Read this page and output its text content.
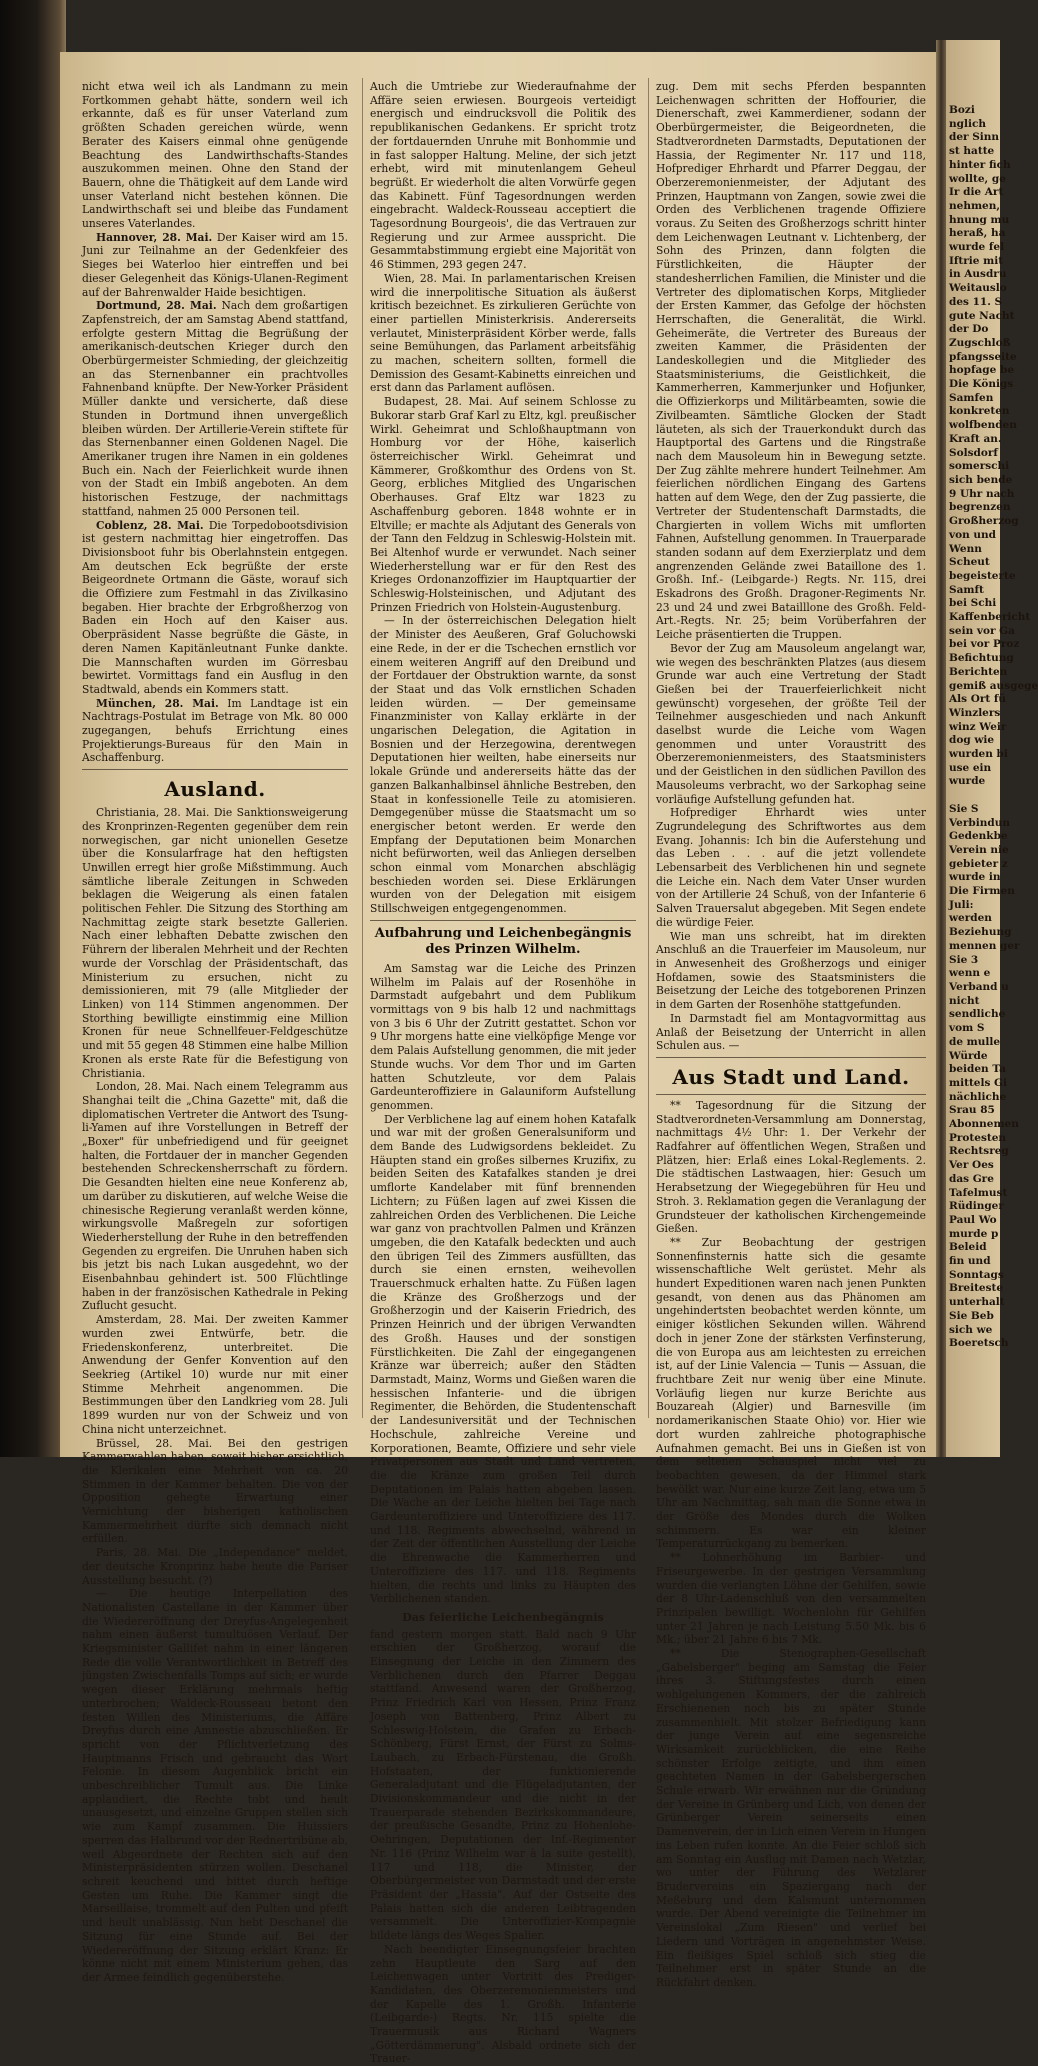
Bozi
nglich
der Sinn
st hatte
hinter fich
wollte, ge
Ir die Art
nehmen,
hnung mu
heraß, ha
wurde fel
Iftrie mit
in Ausdru
Weitauslo
des 11. S
gute Nacht
der Do
Zugschloß
pfangsseite
hopfage be
Die Königs
Samfen
konkreten
wolfbenden
Kraft an.
Solsdorf
somerschi
sich bende
9 Uhr nach
begrenzen
Großherzog
von und
Wenn
Scheut
begeisterte
Samft
bei Schi
Kaffenbericht
sein vor Ga
bei vor Proz
Befichtung
Berichten
gemiß ausgege
Als Ort fü
Winzlers
winz Weir
dog wie
wurden bi
use ein
wurde

Sie S
Verbindun
Gedenkbe
Verein nie
gebieter z
wurde in
Die Firmen
Juli:
werden
Beziehung
mennen ger
Sie 3
wenn e
Verband u
nicht
sendliche
vom S
de mulle
Würde
beiden Ta
mittels Gi
nächliche
Srau 85
Abonnemen
Protesten
Rechtsreg
Ver Oes
das Gre
Tafelmust
Rüdinger
Paul Wo
murde p
Beleid
fin und
Sonntags
Breiteste
unterhalt
Sie Beb
sich we
Boeretsch

nicht etwa weil ich als Landmann zu mein Fortkommen gehabt hätte, sondern weil ich erkannte, daß es für unser Vaterland zum größten Schaden gereichen würde, wenn Berater des Kaisers einmal ohne genügende Beachtung des Landwirthschafts-Standes auszukommen meinen. Ohne den Stand der Bauern, ohne die Thätigkeit auf dem Lande wird unser Vaterland nicht bestehen können. Die Landwirthschaft sei und bleibe das Fundament unseres Vaterlandes.

Hannover, 28. Mai. Der Kaiser wird am 15. Juni zur Teilnahme an der Gedenkfeier des Sieges bei Waterloo hier eintreffen und bei dieser Gelegenheit das Königs-Ulanen-Regiment auf der Bahrenwalder Haide besichtigen.

Dortmund, 28. Mai. Nach dem großartigen Zapfenstreich, der am Samstag Abend stattfand, erfolgte gestern Mittag die Begrüßung der amerikanisch-deutschen Krieger durch den Oberbürgermeister Schmieding, der gleichzeitig an das Sternenbanner ein prachtvolles Fahnenband knüpfte. Der New-Yorker Präsident Müller dankte und versicherte, daß diese Stunden in Dortmund ihnen unvergeßlich bleiben würden. Der Artillerie-Verein stiftete für das Sternenbanner einen Goldenen Nagel. Die Amerikaner trugen ihre Namen in ein goldenes Buch ein. Nach der Feierlichkeit wurde ihnen von der Stadt ein Imbiß angeboten. An dem historischen Festzuge, der nachmittags stattfand, nahmen 25 000 Personen teil.

Coblenz, 28. Mai. Die Torpedobootsdivision ist gestern nachmittag hier eingetroffen. Das Divisionsboot fuhr bis Oberlahnstein entgegen. Am deutschen Eck begrüßte der erste Beigeordnete Ortmann die Gäste, worauf sich die Offiziere zum Festmahl in das Zivilkasino begaben. Hier brachte der Erbgroßherzog von Baden ein Hoch auf den Kaiser aus. Oberpräsident Nasse begrüßte die Gäste, in deren Namen Kapitänleutnant Funke dankte. Die Mannschaften wurden im Görresbau bewirtet. Vormittags fand ein Ausflug in den Stadtwald, abends ein Kommers statt.

München, 28. Mai. Im Landtage ist ein Nachtrags-Postulat im Betrage von Mk. 80 000 zugegangen, behufs Errichtung eines Projektierungs-Bureaus für den Main in Aschaffenburg.

Ausland.

Christiania, 28. Mai. Die Sanktionsweigerung des Kronprinzen-Regenten gegenüber dem rein norwegischen, gar nicht unionellen Gesetze über die Konsularfrage hat den heftigsten Unwillen erregt hier große Mißstimmung. Auch sämtliche liberale Zeitungen in Schweden beklagen die Weigerung als einen fatalen politischen Fehler. Die Sitzung des Storthing am Nachmittag zeigte stark besetzte Gallerien. Nach einer lebhaften Debatte zwischen den Führern der liberalen Mehrheit und der Rechten wurde der Vorschlag der Präsidentschaft, das Ministerium zu ersuchen, nicht zu demissionieren, mit 79 (alle Mitglieder der Linken) von 114 Stimmen angenommen. Der Storthing bewilligte einstimmig eine Million Kronen für neue Schnellfeuer-Feldgeschütze und mit 55 gegen 48 Stimmen eine halbe Million Kronen als erste Rate für die Befestigung von Christiania.

London, 28. Mai. Nach einem Telegramm aus Shanghai teilt die „China Gazette" mit, daß die diplomatischen Vertreter die Antwort des Tsung-li-Yamen auf ihre Vorstellungen in Betreff der „Boxer" für unbefriedigend und für geeignet halten, die Fortdauer der in mancher Gegenden bestehenden Schreckensherrschaft zu fördern. Die Gesandten hielten eine neue Konferenz ab, um darüber zu diskutieren, auf welche Weise die chinesische Regierung veranlaßt werden könne, wirkungsvolle Maßregeln zur sofortigen Wiederherstellung der Ruhe in den betreffenden Gegenden zu ergreifen. Die Unruhen haben sich bis jetzt bis nach Lukan ausgedehnt, wo der Eisenbahnbau gehindert ist. 500 Flüchtlinge haben in der französischen Kathedrale in Peking Zuflucht gesucht.

Amsterdam, 28. Mai. Der zweiten Kammer wurden zwei Entwürfe, betr. die Friedenskonferenz, unterbreitet. Die Anwendung der Genfer Konvention auf den Seekrieg (Artikel 10) wurde nur mit einer Stimme Mehrheit angenommen. Die Bestimmungen über den Landkrieg vom 28. Juli 1899 wurden nur von der Schweiz und von China nicht unterzeichnet.

Brüssel, 28. Mai. Bei den gestrigen Kammerwahlen haben, soweit bisher ersichtlich, die Klerikalen eine Mehrheit von ca. 20 Stimmen in der Kammer behalten. Die von der Opposition gehegte Erwartung einer Vernichtung der bisherigen katholischen Kammermehrheit dürfte sich demnach nicht erfüllen.

Paris, 28. Mai. Die „Independance" meldet, der deutsche Kronprinz habe heute die Pariser Ausstellung besucht. (?)

— Die heutige Interpellation des Nationalisten Castellane in der Kammer über die Wiedereröffnung der Dreyfus-Angelegenheit nahm einen äußerst tumultuösen Verlauf. Der Kriegsminister Gallifet nahm in einer längeren Rede die volle Verantwortlichkeit in Betreff des jüngsten Zwischenfalls Tomps auf sich; er wurde wegen dieser Erklärung mehrmals heftig unterbrochen; Waldeck-Rousseau betont den festen Willen des Ministeriums, die Affäre Dreyfus durch eine Amnestie abzuschließen. Er spricht von der Pflichtverletzung des Hauptmanns Frisch und gebraucht das Wort Felonie. In diesem Augenblick bricht ein unbeschreiblicher Tumult aus. Die Linke applaudiert, die Rechte tobt und heult unausgesetzt, und einzelne Gruppen stellen sich wie zum Kampf zusammen. Die Huissiers sperren das Halbrund vor der Rednertribüne ab, weil Abgeordnete der Rechten sich auf den Ministerpräsidenten stürzen wollen. Deschanel schreit keuchend und bittet durch heftige Gesten um Ruhe. Die Kammer singt die Marseillaise, trommelt auf den Pulten und pfeift und heult unablässig. Nun hebt Deschanel die Sitzung für eine Stunde auf. Bei der Wiedereröffnung der Sitzung erklärt Kranz: Er könne nicht mit einem Ministerium gehen, das der Armee feindlich gegenüberstehe.

Auch die Umtriebe zur Wiederaufnahme der Affäre seien erwiesen. Bourgeois verteidigt energisch und eindrucksvoll die Politik des republikanischen Gedankens. Er spricht trotz der fortdauernden Unruhe mit Bonhommie und in fast salopper Haltung. Meline, der sich jetzt erhebt, wird mit minutenlangem Geheul begrüßt. Er wiederholt die alten Vorwürfe gegen das Kabinett. Fünf Tagesordnungen werden eingebracht. Waldeck-Rousseau acceptiert die Tagesordnung Bourgeois', die das Vertrauen zur Regierung und zur Armee ausspricht. Die Gesammtabstimmung ergiebt eine Majorität von 46 Stimmen, 293 gegen 247.

Wien, 28. Mai. In parlamentarischen Kreisen wird die innerpolitische Situation als äußerst kritisch bezeichnet. Es zirkulieren Gerüchte von einer partiellen Ministerkrisis. Andererseits verlautet, Ministerpräsident Körber werde, falls seine Bemühungen, das Parlament arbeitsfähig zu machen, scheitern sollten, formell die Demission des Gesamt-Kabinetts einreichen und erst dann das Parlament auflösen.

Budapest, 28. Mai. Auf seinem Schlosse zu Bukorar starb Graf Karl zu Eltz, kgl. preußischer Wirkl. Geheimrat und Schloßhauptmann von Homburg vor der Höhe, kaiserlich österreichischer Wirkl. Geheimrat und Kämmerer, Großkomthur des Ordens von St. Georg, erbliches Mitglied des Ungarischen Oberhauses. Graf Eltz war 1823 zu Aschaffenburg geboren. 1848 wohnte er in Eltville; er machte als Adjutant des Generals von der Tann den Feldzug in Schleswig-Holstein mit. Bei Altenhof wurde er verwundet. Nach seiner Wiederherstellung war er für den Rest des Krieges Ordonanzoffizier im Hauptquartier der Schleswig-Holsteinischen, und Adjutant des Prinzen Friedrich von Holstein-Augustenburg.

— In der österreichischen Delegation hielt der Minister des Aeußeren, Graf Goluchowski eine Rede, in der er die Tschechen ernstlich vor einem weiteren Angriff auf den Dreibund und der Fortdauer der Obstruktion warnte, da sonst der Staat und das Volk ernstlichen Schaden leiden würden. — Der gemeinsame Finanzminister von Kallay erklärte in der ungarischen Delegation, die Agitation in Bosnien und der Herzegowina, derentwegen Deputationen hier weilten, habe einerseits nur lokale Gründe und andererseits hätte das der ganzen Balkanhalbinsel ähnliche Bestreben, den Staat in konfessionelle Teile zu atomisieren. Demgegenüber müsse die Staatsmacht um so energischer betont werden. Er werde den Empfang der Deputationen beim Monarchen nicht befürworten, weil das Anliegen derselben schon einmal vom Monarchen abschlägig beschieden worden sei. Diese Erklärungen wurden von der Delegation mit eisigem Stillschweigen entgegengenommen.

Aufbahrung und Leichenbegängnis des Prinzen Wilhelm.

Am Samstag war die Leiche des Prinzen Wilhelm im Palais auf der Rosenhöhe in Darmstadt aufgebahrt und dem Publikum vormittags von 9 bis halb 12 und nachmittags von 3 bis 6 Uhr der Zutritt gestattet. Schon vor 9 Uhr morgens hatte eine vielköpfige Menge vor dem Palais Aufstellung genommen, die mit jeder Stunde wuchs. Vor dem Thor und im Garten hatten Schutzleute, vor dem Palais Gardeunteroffiziere in Galauniform Aufstellung genommen.

Der Verblichene lag auf einem hohen Katafalk und war mit der großen Generalsuniform und dem Bande des Ludwigsordens bekleidet. Zu Häupten stand ein großes silbernes Kruzifix, zu beiden Seiten des Katafalkes standen je drei umflorte Kandelaber mit fünf brennenden Lichtern; zu Füßen lagen auf zwei Kissen die zahlreichen Orden des Verblichenen. Die Leiche war ganz von prachtvollen Palmen und Kränzen umgeben, die den Katafalk bedeckten und auch den übrigen Teil des Zimmers ausfüllten, das durch sie einen ernsten, weihevollen Trauerschmuck erhalten hatte. Zu Füßen lagen die Kränze des Großherzogs und der Großherzogin und der Kaiserin Friedrich, des Prinzen Heinrich und der übrigen Verwandten des Großh. Hauses und der sonstigen Fürstlichkeiten. Die Zahl der eingegangenen Kränze war überreich; außer den Städten Darmstadt, Mainz, Worms und Gießen waren die hessischen Infanterie- und die übrigen Regimenter, die Behörden, die Studentenschaft der Landesuniversität und der Technischen Hochschule, zahlreiche Vereine und Korporationen, Beamte, Offiziere und sehr viele Privatpersonen aus Stadt und Land vertreten, die die Kränze zum großen Teil durch Deputationen im Palais hatten abgeben lassen. Die Wache an der Leiche hielten bei Tage nach Gardeunteroffiziere und Unteroffiziere des 117. und 118. Regiments abwechselnd, während in der Zeit der öffentlichen Ausstellung der Leiche die Ehrenwache die Kammerherren und Unteroffiziere des 117. und 118. Regiments hielten, die rechts und links zu Häupten des Verblichenen standen.

Das feierliche Leichenbegängnis

fand gestern morgen statt. Bald nach 9 Uhr erschien der Großherzog, worauf die Einsegnung der Leiche in den Zimmern des Verblichenen durch den Pfarrer Deggau stattfand. Anwesend waren der Großherzog, Prinz Friedrich Karl von Hessen, Prinz Franz Joseph von Battenberg, Prinz Albert zu Schleswig-Holstein, die Grafen zu Erbach-Schönberg, Fürst Ernst, der Fürst zu Solms-Laubach, zu Erbach-Fürstenau, die Großh. Hofstaaten, der funktionierende Generaladjutant und die Flügeladjutanten, der Divisionskommandeur und die nicht in der Trauerparade stehenden Bezirkskommandeure, der preußische Gesandte, Prinz zu Hohenlohe-Oehringen, Deputationen der Inf.-Regimenter Nr. 116 (Prinz Wilhelm war à la suite gestellt), 117 und 118, die Minister, der Oberbürgermeister von Darmstadt und der erste Präsident der „Hassia". Auf der Ostseite des Palais hatten sich die anderen Leibtragenden versammelt. Die Unteroffizier-Kompagnie bildete längs des Weges Spalier.

Nach beendigter Einsegnungsfeier brachten zehn Hauptleute den Sarg auf den Leichenwagen unter Vortritt des Prediger-Kandidaten, des Oberzeremonienmeisters und der Kapelle des 1. Großh. Infanterie (Leibgarde-) Regts. Nr. 115 spielte die Trauermusik aus Richard Wagners „Götterdämmerung". Alsbald ordnete sich der Trauer-

zug. Dem mit sechs Pferden bespannten Leichenwagen schritten der Hoffourier, die Dienerschaft, zwei Kammerdiener, sodann der Oberbürgermeister, die Beigeordneten, die Stadtverordneten Darmstadts, Deputationen der Hassia, der Regimenter Nr. 117 und 118, Hofprediger Ehrhardt und Pfarrer Deggau, der Oberzeremonienmeister, der Adjutant des Prinzen, Hauptmann von Zangen, sowie zwei die Orden des Verblichenen tragende Offiziere voraus. Zu Seiten des Großherzogs schritt hinter dem Leichenwagen Leutnant v. Lichtenberg, der Sohn des Prinzen, dann folgten die Fürstlichkeiten, die Häupter der standesherrlichen Familien, die Minister und die Vertreter des diplomatischen Korps, Mitglieder der Ersten Kammer, das Gefolge der höchsten Herrschaften, die Generalität, die Wirkl. Geheimeräte, die Vertreter des Bureaus der zweiten Kammer, die Präsidenten der Landeskollegien und die Mitglieder des Staatsministeriums, die Geistlichkeit, die Kammerherren, Kammerjunker und Hofjunker, die Offizierkorps und Militärbeamten, sowie die Zivilbeamten. Sämtliche Glocken der Stadt läuteten, als sich der Trauerkondukt durch das Hauptportal des Gartens und die Ringstraße nach dem Mausoleum hin in Bewegung setzte. Der Zug zählte mehrere hundert Teilnehmer. Am feierlichen nördlichen Eingang des Gartens hatten auf dem Wege, den der Zug passierte, die Vertreter der Studentenschaft Darmstadts, die Chargierten in vollem Wichs mit umflorten Fahnen, Aufstellung genommen. In Trauerparade standen sodann auf dem Exerzierplatz und dem angrenzenden Gelände zwei Bataillone des 1. Großh. Inf.- (Leibgarde-) Regts. Nr. 115, drei Eskadrons des Großh. Dragoner-Regiments Nr. 23 und 24 und zwei Batailllone des Großh. Feld-Art.-Regts. Nr. 25; beim Vorüberfahren der Leiche präsentierten die Truppen.

Bevor der Zug am Mausoleum angelangt war, wie wegen des beschränkten Platzes (aus diesem Grunde war auch eine Vertretung der Stadt Gießen bei der Trauerfeierlichkeit nicht gewünscht) vorgesehen, der größte Teil der Teilnehmer ausgeschieden und nach Ankunft daselbst wurde die Leiche vom Wagen genommen und unter Voraustritt des Oberzeremonienmeisters, des Staatsministers und der Geistlichen in den südlichen Pavillon des Mausoleums verbracht, wo der Sarkophag seine vorläufige Aufstellung gefunden hat.

Hofprediger Ehrhardt wies unter Zugrundelegung des Schriftwortes aus dem Evang. Johannis: Ich bin die Auferstehung und das Leben . . . auf die jetzt vollendete Lebensarbeit des Verblichenen hin und segnete die Leiche ein. Nach dem Vater Unser wurden von der Artillerie 24 Schuß, von der Infanterie 6 Salven Trauersalut abgegeben. Mit Segen endete die würdige Feier.

Wie man uns schreibt, hat im direkten Anschluß an die Trauerfeier im Mausoleum, nur in Anwesenheit des Großherzogs und einiger Hofdamen, sowie des Staatsministers die Beisetzung der Leiche des totgeborenen Prinzen in dem Garten der Rosenhöhe stattgefunden.

In Darmstadt fiel am Montagvormittag aus Anlaß der Beisetzung der Unterricht in allen Schulen aus. —

Aus Stadt und Land.

** Tagesordnung für die Sitzung der Stadtverordneten-Versammlung am Donnerstag, nachmittags 4½ Uhr: 1. Der Verkehr der Radfahrer auf öffentlichen Wegen, Straßen und Plätzen, hier: Erlaß eines Lokal-Reglements. 2. Die städtischen Lastwaagen, hier: Gesuch um Herabsetzung der Wiegegebühren für Heu und Stroh. 3. Reklamation gegen die Veranlagung der Grundsteuer der katholischen Kirchengemeinde Gießen.

** Zur Beobachtung der gestrigen Sonnenfinsternis hatte sich die gesamte wissenschaftliche Welt gerüstet. Mehr als hundert Expeditionen waren nach jenen Punkten gesandt, von denen aus das Phänomen am ungehindertsten beobachtet werden könnte, um einiger köstlichen Sekunden willen. Während doch in jener Zone der stärksten Verfinsterung, die von Europa aus am leichtesten zu erreichen ist, auf der Linie Valencia — Tunis — Assuan, die fruchtbare Zeit nur wenig über eine Minute. Vorläufig liegen nur kurze Berichte aus Bouzareah (Algier) und Barnesville (im nordamerikanischen Staate Ohio) vor. Hier wie dort wurden zahlreiche photographische Aufnahmen gemacht. Bei uns in Gießen ist von dem seltenen Schauspiel nicht viel zu beobachten gewesen, da der Himmel stark bewölkt war. Nur eine kurze Zeit lang, etwa um 5 Uhr am Nachmittag, sah man die Sonne etwa in der Größe des Mondes durch die Wolken schimmern. Es war ein kleiner Temperaturrückgang zu bemerken.

** Lohnerhöhung im Barbier- und Friseurgewerbe. In der gestrigen Versammlung wurden die verlangten Löhne der Gehilfen, sowie der 8 Uhr-Ladenschluß von den versammelten Prinzipalen bewilligt. Wochenlohn für Gehilfen unter 21 Jahren je nach Leistung 5.50 Mk. bis 6 Mk.; über 21 Jahre 6 bis 7 Mk.

** Die Stenographen-Gesellschaft „Gabelsberger" beging am Samstag die Feier ihres 3. Stiftungsfestes durch einen wohlgelungenen Kommers, der die zahlreich Erschienenen noch bis zu später Stunde zusammenhielt. Mit stolzer Befriedigung kann der junge Verein auf eine segensreiche Wirksamkeit zurückblicken, die eine Reihe schönster Erfolge zeitigte, und ihm einen geachteten Namen in der Gabelsbergerschen Schule erwarb. Wir erwähnen nur die Gründung der Vereine in Grünberg und Lich, von denen der Grünberger Verein seinerseits einen Damenverein, der in Lich einen Verein in Hungen ins Leben rufen konnte. An die Feier schloß sich am Sonntag ein Ausflug mit Damen nach Wetzlar, wo unter der Führung des Wetzlarer Brudervereins ein Spaziergang nach der Meßeburg und dem Kalsmunt unternommen wurde. Der Abend vereinigte die Teilnehmer im Vereinslokal „Zum Riesen" und verlief bei Liedern und Vorträgen in angenehmster Weise. Ein fleißiges Spiel schloß sich stieg die Teilnehmer erst in später Stunde an die Rückfahrt denken.
